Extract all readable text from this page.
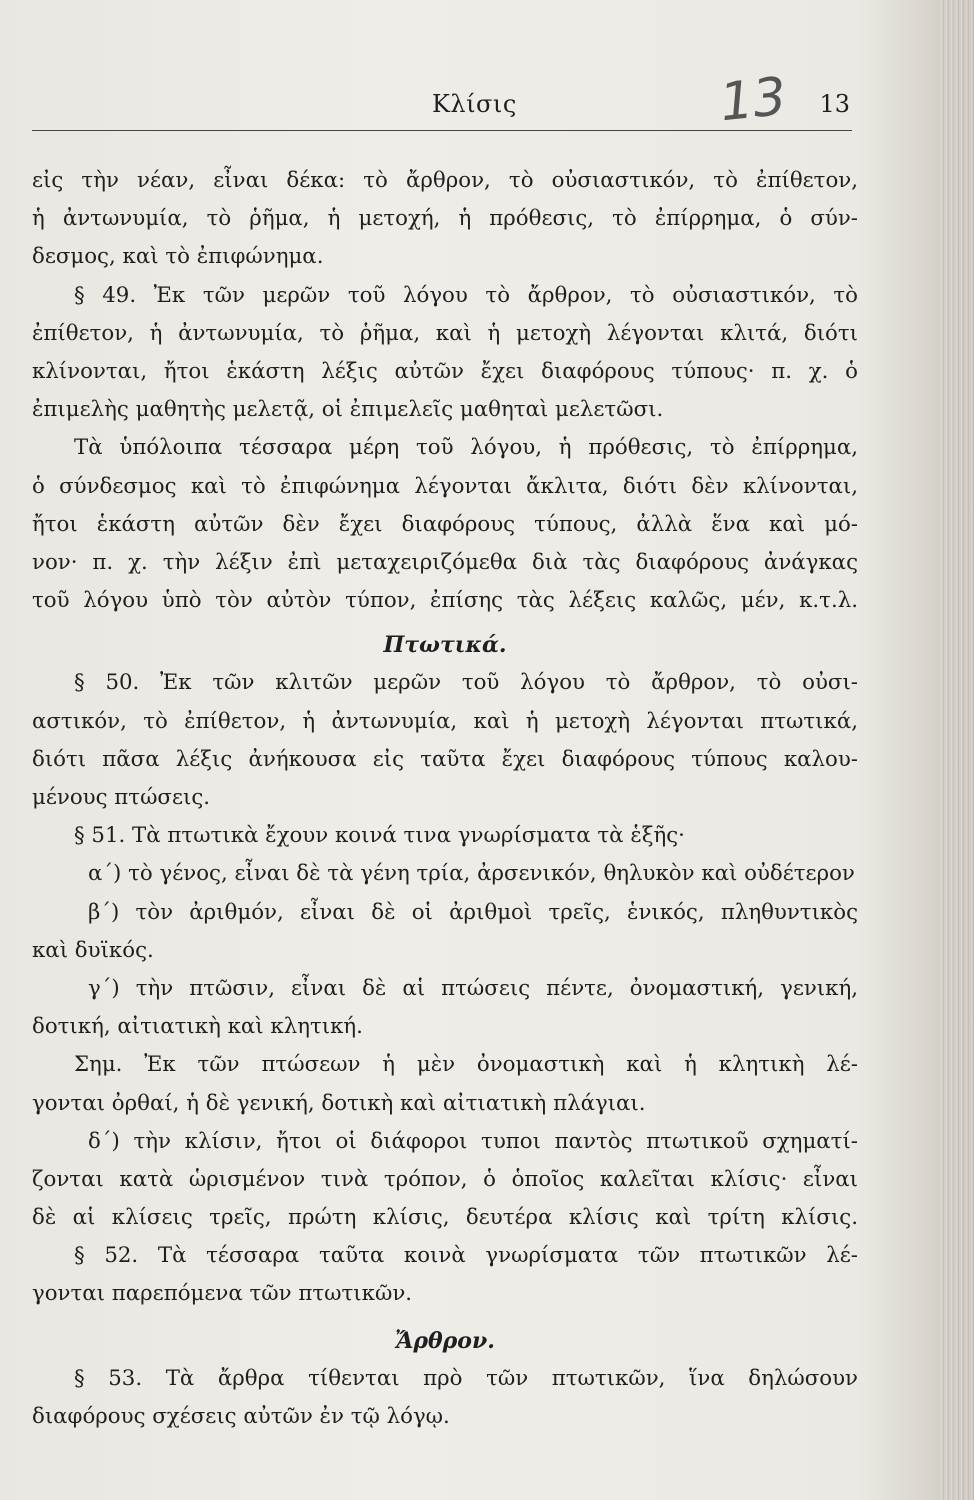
Κλίσις	13 13
εἰς τὴν νέαν, εἶναι δέκα: τὸ ἄρθρον, τὸ οὐσιαστικόν, τὸ ἐπίθετον,
ἡ ἀντωνυμία, τὸ ῥῆμα, ἡ μετοχή, ἡ πρόθεσις, τὸ ἐπίρρημα, ὁ σύν-
δεσμος, καὶ τὸ ἐπιφώνημα.
§ 49. Ἐκ τῶν μερῶν τοῦ λόγου τὸ ἄρθρον, τὸ οὐσιαστικόν, τὸ
ἐπίθετον, ἡ ἀντωνυμία, τὸ ῥῆμα, καὶ ἡ μετοχὴ λέγονται κλιτά, διότι
κλίνονται, ἤτοι ἑκάστη λέξις αὐτῶν ἔχει διαφόρους τύπους· π. χ. ὁ
ἐπιμελὴς μαθητὴς μελετᾷ, οἱ ἐπιμελεῖς μαθηταὶ μελετῶσι.
Τὰ ὑπόλοιπα τέσσαρα μέρη τοῦ λόγου, ἡ πρόθεσις, τὸ ἐπίρρημα,
ὁ σύνδεσμος καὶ τὸ ἐπιφώνημα λέγονται ἄκλιτα, διότι δὲν κλίνονται,
ἤτοι ἑκάστη αὐτῶν δὲν ἔχει διαφόρους τύπους, ἀλλὰ ἕνα καὶ μό-
νον· π. χ. τὴν λέξιν ἐπὶ μεταχειριζόμεθα διὰ τὰς διαφόρους ἀνάγκας
τοῦ λόγου ὑπὸ τὸν αὐτὸν τύπον, ἐπίσης τὰς λέξεις καλῶς, μέν, κ.τ.λ.
Πτωτικά.
§ 50. Ἐκ τῶν κλιτῶν μερῶν τοῦ λόγου τὸ ἄρθρον, τὸ οὐσι-
αστικόν, τὸ ἐπίθετον, ἡ ἀντωνυμία, καὶ ἡ μετοχὴ λέγονται πτωτικά,
διότι πᾶσα λέξις ἀνήκουσα εἰς ταῦτα ἔχει διαφόρους τύπους καλου-
μένους πτώσεις.
§ 51. Τὰ πτωτικὰ ἔχουν κοινά τινα γνωρίσματα τὰ ἑξῆς·
α΄) τὸ γένος, εἶναι δὲ τὰ γένη τρία, ἀρσενικόν, θηλυκὸν καὶ οὐδέτερον
β΄) τὸν ἀριθμόν, εἶναι δὲ οἱ ἀριθμοὶ τρεῖς, ἑνικός, πληθυντικὸς
καὶ δυϊκός.
γ΄) τὴν πτῶσιν, εἶναι δὲ αἱ πτώσεις πέντε, ὀνομαστική, γενική,
δοτική, αἰτιατικὴ καὶ κλητική.
Σημ. Ἐκ τῶν πτώσεων ἡ μὲν ὀνομαστικὴ καὶ ἡ κλητικὴ λέ-
γονται ὀρθαί, ἡ δὲ γενική, δοτικὴ καὶ αἰτιατικὴ πλάγιαι.
δ΄) τὴν κλίσιν, ἤτοι οἱ διάφοροι τυποι παντὸς πτωτικοῦ σχηματί-
ζονται κατὰ ὡρισμένον τινὰ τρόπον, ὁ ὁποῖος καλεῖται κλίσις· εἶναι
δὲ αἱ κλίσεις τρεῖς, πρώτη κλίσις, δευτέρα κλίσις καὶ τρίτη κλίσις.
§ 52. Τὰ τέσσαρα ταῦτα κοινὰ γνωρίσματα τῶν πτωτικῶν λέ-
γονται παρεπόμενα τῶν πτωτικῶν.
Ἄρθρον.
§ 53. Τὰ ἄρθρα τίθενται πρὸ τῶν πτωτικῶν, ἵνα δηλώσουν
διαφόρους σχέσεις αὐτῶν ἐν τῷ λόγῳ.
